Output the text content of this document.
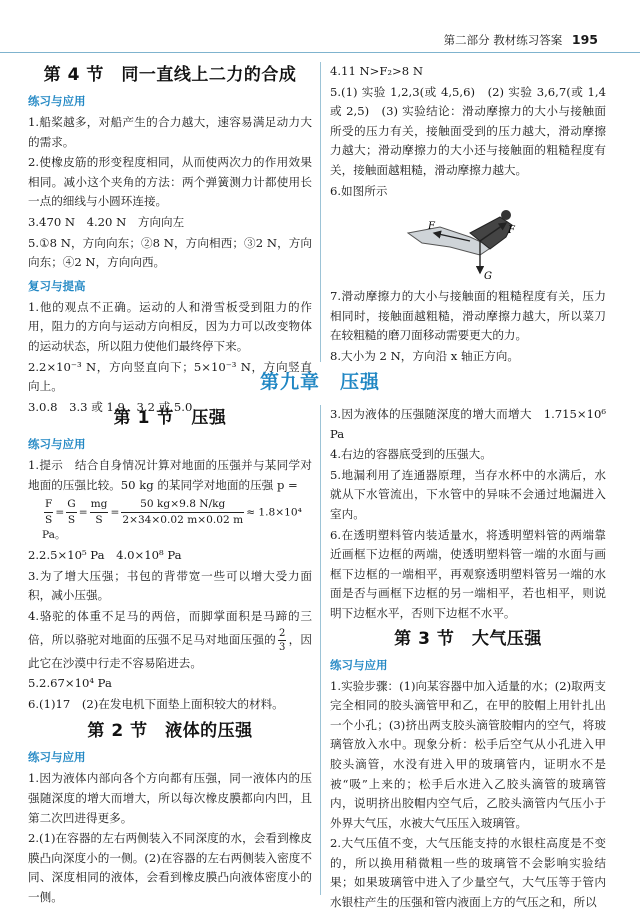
第二部分 教材练习答案 195
第 4 节　同一直线上二力的合成
练习与应用

1.船桨越多，对船产生的合力越大，速容易满足动力大的需求。

2.使橡皮筋的形变程度相同，从而使两次力的作用效果相同。减小这个夹角的方法：两个弹簧测力计都使用长一点的细线与小圆环连接。

3.470 N　4.20 N　方向向左

5.①8 N，方向向东；②8 N，方向相西；③2 N，方向向东；④2 N，方向向西。

复习与提高

1.他的观点不正确。运动的人和滑雪板受到阻力的作用，阻力的方向与运动方向相反，因为力可以改变物体的运动状态，所以阻力使他们最终停下来。

2.2×10⁻³ N，方向竖直向下；5×10⁻³ N，方向竖直向上。

3.0.8　3.3 或 1.9　3.2 或 5.0

4.11 N>F₂>8 N

5.(1) 实验 1,2,3(或 4,5,6)　(2) 实验 3,6,7(或 1,4 或 2,5)　(3) 实验结论：滑动摩擦力的大小与接触面所受的压力有关，接触面受到的压力越大，滑动摩擦力越大；滑动摩擦力的大小还与接触面的粗糙程度有关，接触面越粗糙，滑动摩擦力越大。

6.如图所示

F	F
G

7.滑动摩擦力的大小与接触面的粗糙程度有关，压力相同时，接触面越粗糙，滑动摩擦力越大，所以菜刀在较粗糙的磨刀面移动需要更大的力。

8.大小为 2 N，方向沿 x 轴正方向。

第九章　压强
第 1 节　压强
练习与应用

1.提示　结合自身情况计算对地面的压强并与某同学对地面的压强比较。50 kg 的某同学对地面的压强 p =

$\frac{F}{S} = \frac{G}{S} = \frac{mg}{S} = \frac{50 kg\times 9.8 N/kg}{2\times 34\times 0.02 m\times 0.02 m} \approx 1.8\times 10^4$ Pa。

2.2.5×10⁵ Pa　4.0×10⁸ Pa

3.为了增大压强；书包的背带宽一些可以增大受力面积，减小压强。

4.骆驼的体重不足马的两倍，而脚掌面积是马蹄的三倍，所以骆驼对地面的压强不足马对地面压强的 $\frac{2}{3}$ ，因此它在沙漠中行走不容易陷进去。

5.2.67×10⁴ Pa

6.(1)17　(2)在发电机下面垫上面积较大的材料。

第 2 节　液体的压强
练习与应用

1.因为液体内部向各个方向都有压强，同一液体内的压强随深度的增大而增大，所以每次橡皮膜都向内凹，且第二次凹进得更多。

2.(1)在容器的左右两侧装入不同深度的水，会看到橡皮膜凸向深度小的一侧。(2)在容器的左右两侧装入密度不同、深度相同的液体，会看到橡皮膜凸向液体密度小的一侧。

3.因为液体的压强随深度的增大而增大　1.715×10⁶ Pa

4.右边的容器底受到的压强大。

5.地漏利用了连通器原理，当存水杯中的水满后，水就从下水管流出，下水管中的异味不会通过地漏进入室内。

6.在透明塑料管内装适量水，将透明塑料管的两端靠近画框下边框的两端，使透明塑料管一端的水面与画框下边框的一端相平，再观察透明塑料管另一端的水面是否与画框下边框的另一端相平，若也相平，则说明下边框水平，否则下边框不水平。

第 3 节　大气压强
练习与应用

1.实验步骤：(1)向某容器中加入适量的水；(2)取两支完全相同的胶头滴管甲和乙，在甲的胶帽上用针扎出一个小孔；(3)挤出两支胶头滴管胶帽内的空气，将玻璃管放入水中。现象分析：松手后空气从小孔进入甲胶头滴管，水没有进入甲的玻璃管内，证明水不是被“吸”上来的；松手后水进入乙胶头滴管的玻璃管内，说明挤出胶帽内空气后，乙胶头滴管内气压小于外界大气压，水被大气压压入玻璃管。

2.大气压值不变，大气压能支持的水银柱高度是不变的，所以换用稍微粗一些的玻璃管不会影响实验结果；如果玻璃管中进入了少量空气，大气压等于管内水银柱产生的压强和管内液面上方的气压之和，所以
